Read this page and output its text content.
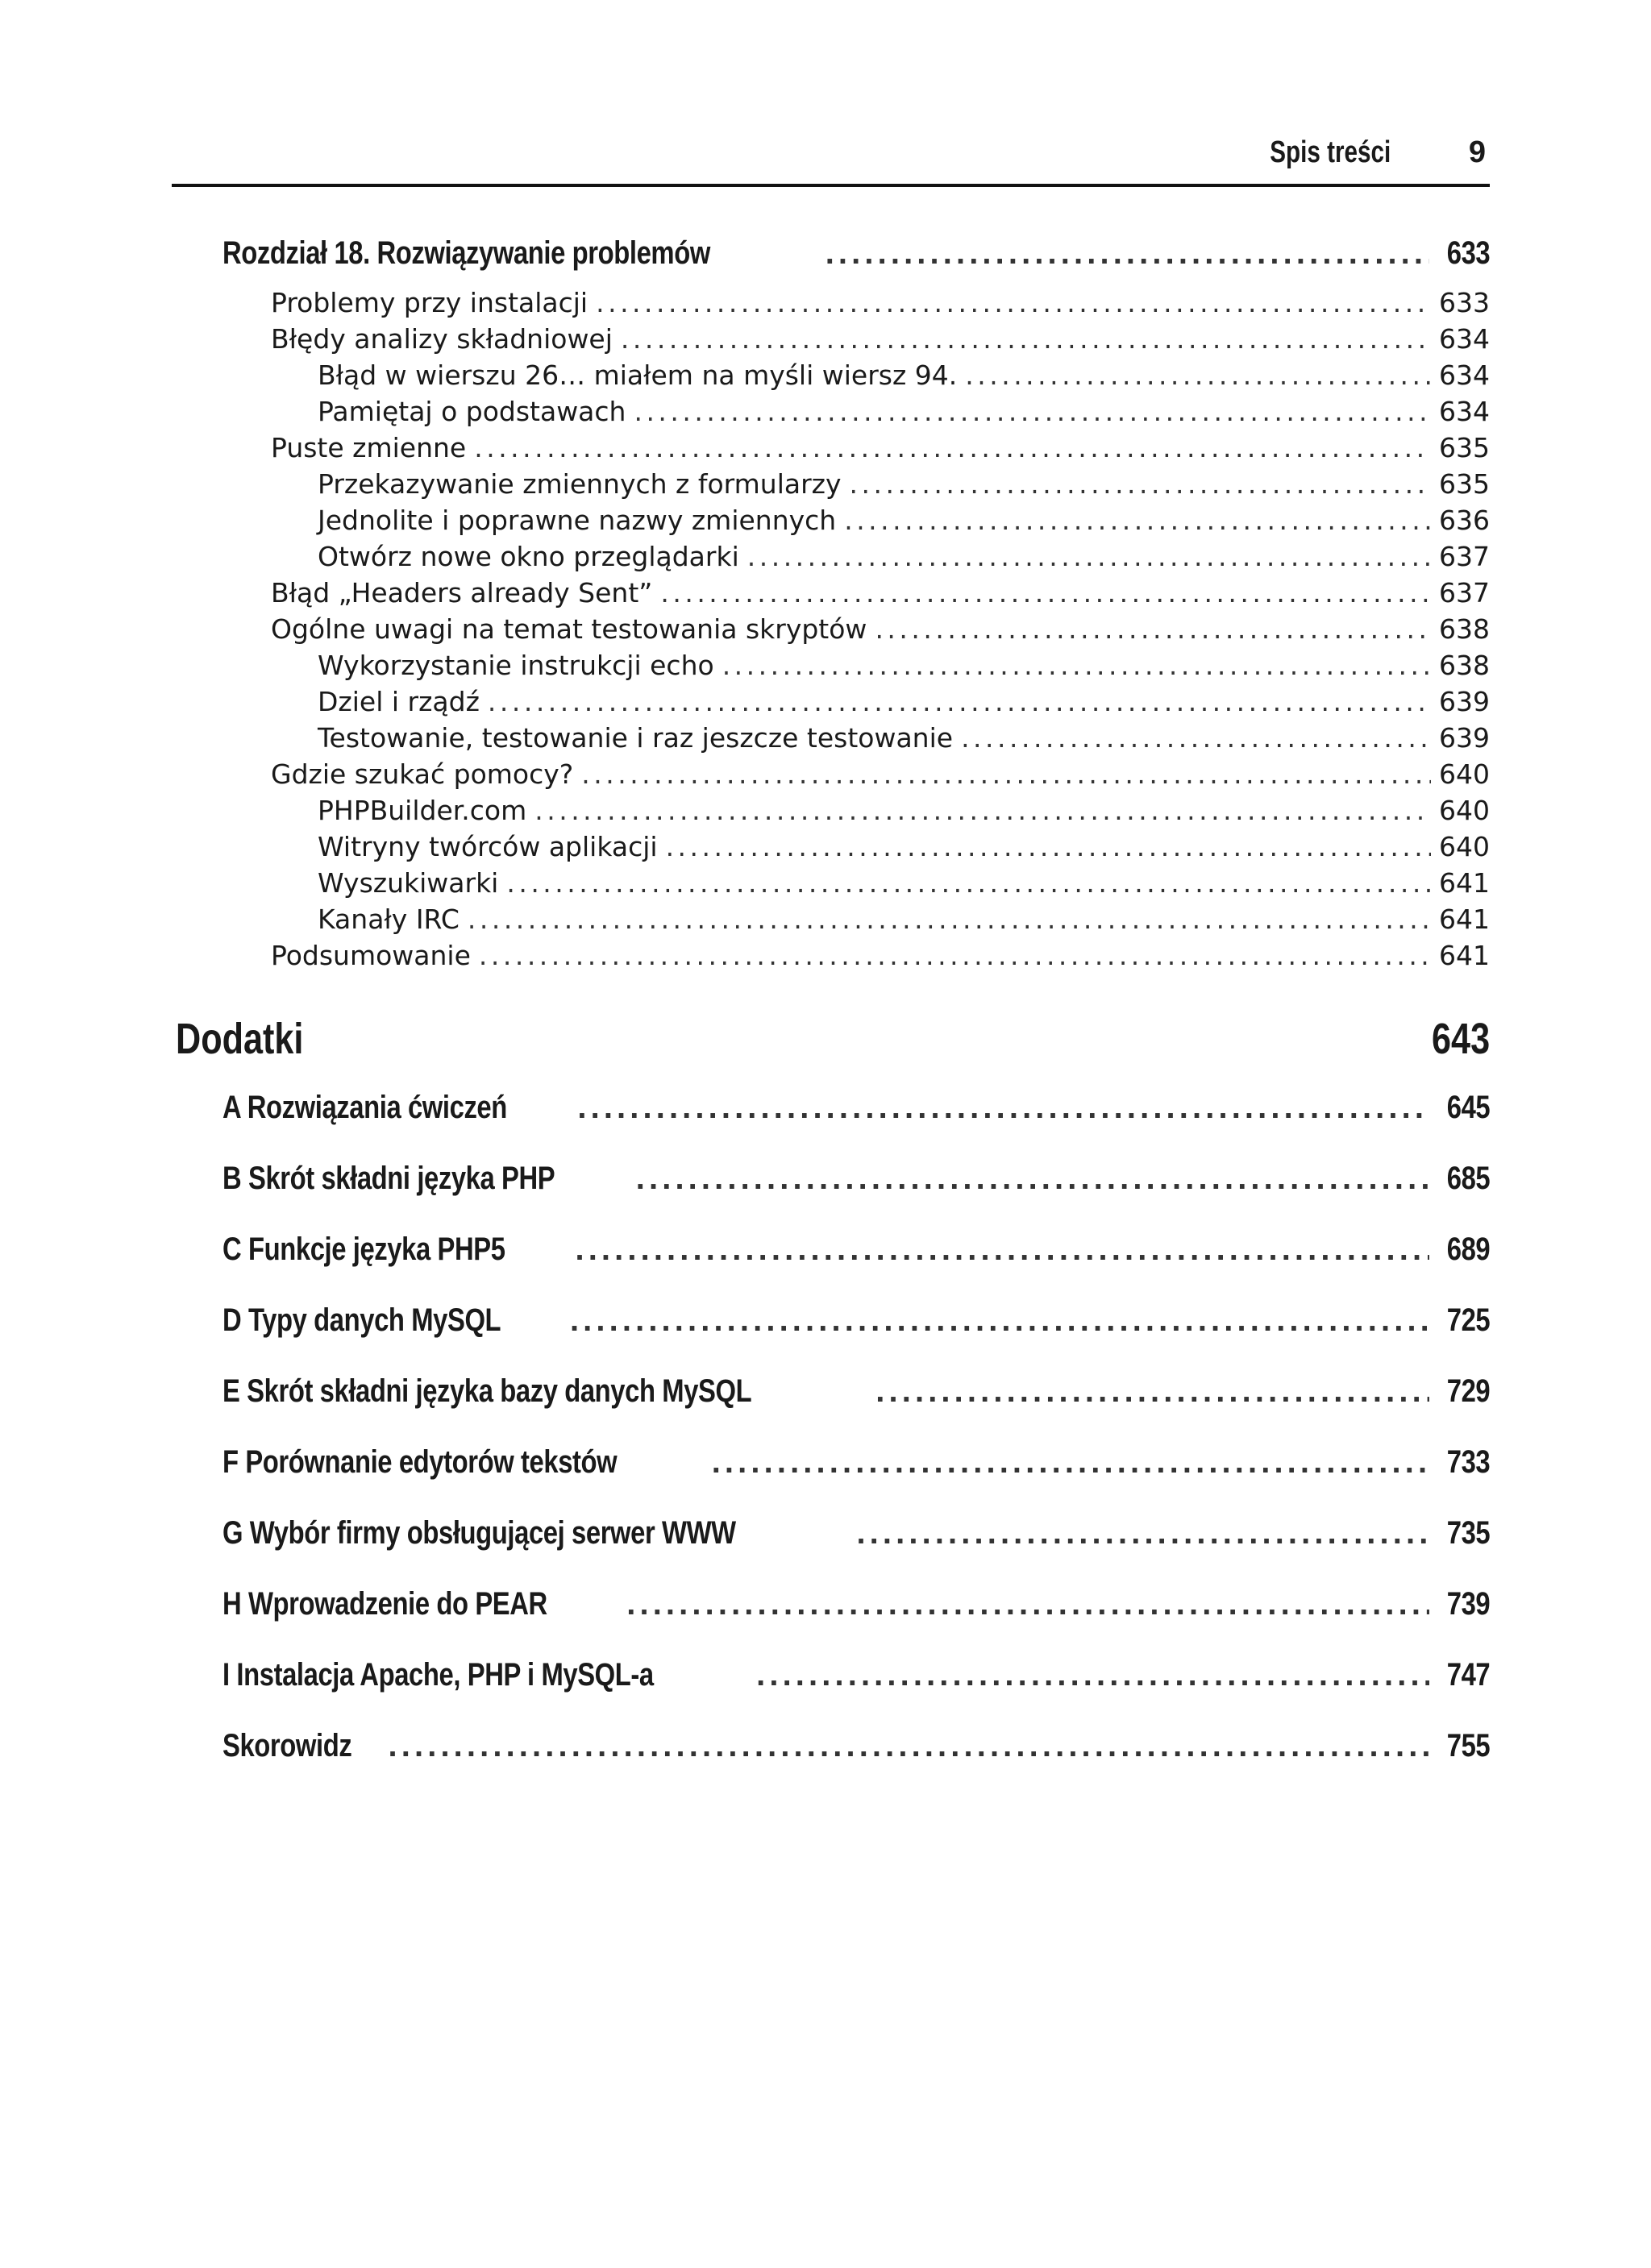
Spis treści	9
Rozdział 18. Rozwiązywanie problemów . . .	633
Problemy przy instalacji . . .	633
Błędy analizy składniowej . . .	634
Błąd w wierszu 26… miałem na myśli wiersz 94. . . .	634
Pamiętaj o podstawach . . .	634
Puste zmienne . . .	635
Przekazywanie zmiennych z formularzy . . .	635
Jednolite i poprawne nazwy zmiennych . . .	636
Otwórz nowe okno przeglądarki . . .	637
Błąd „Headers already Sent” . . .	637
Ogólne uwagi na temat testowania skryptów . . .	638
Wykorzystanie instrukcji echo . . .	638
Dziel i rządź . . .	639
Testowanie, testowanie i raz jeszcze testowanie . . .	639
Gdzie szukać pomocy? . . .	640
PHPBuilder.com . . .	640
Witryny twórców aplikacji . . .	640
Wyszukiwarki . . .	641
Kanały IRC . . .	641
Podsumowanie . . .	641
Dodatki	643
A Rozwiązania ćwiczeń . . .	645
B Skrót składni języka PHP . . .	685
C Funkcje języka PHP5 . . .	689
D Typy danych MySQL . . .	725
E Skrót składni języka bazy danych MySQL . . .	729
F Porównanie edytorów tekstów . . .	733
G Wybór firmy obsługującej serwer WWW . . .	735
H Wprowadzenie do PEAR . . .	739
I Instalacja Apache, PHP i MySQL-a . . .	747
Skorowidz . . .	755
